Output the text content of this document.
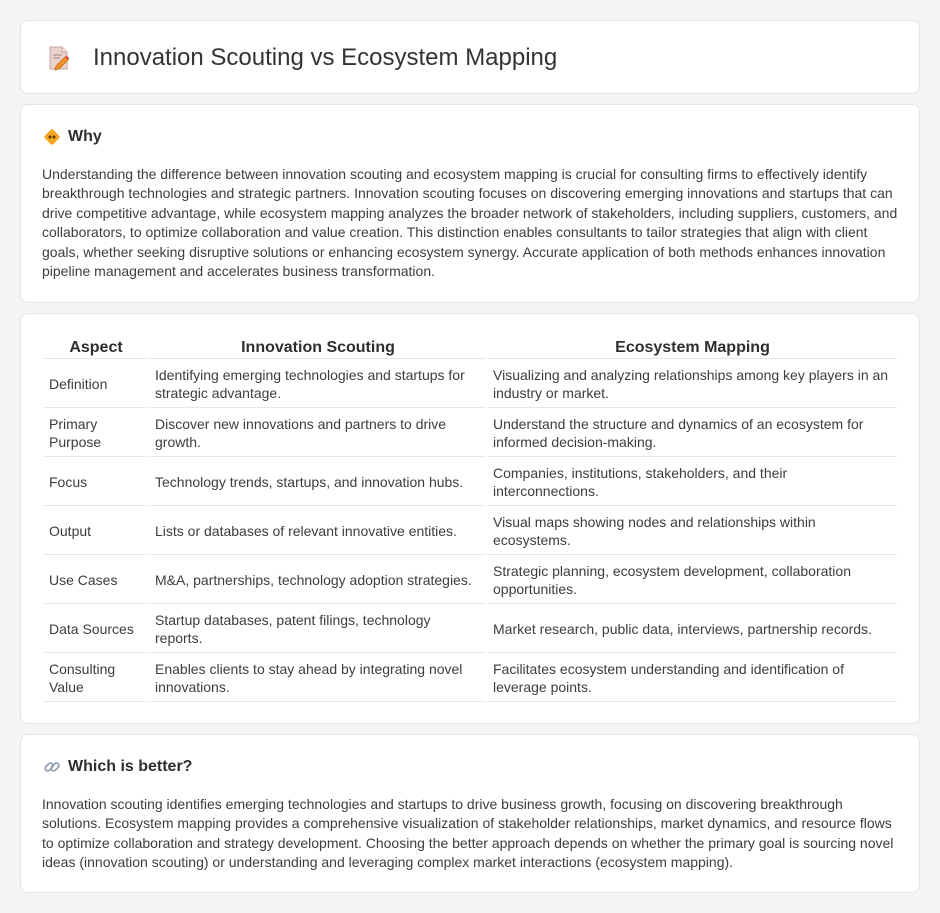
Innovation Scouting vs Ecosystem Mapping
Why

Understanding the difference between innovation scouting and ecosystem mapping is crucial for consulting firms to effectively identify breakthrough technologies and strategic partners. Innovation scouting focuses on discovering emerging innovations and startups that can drive competitive advantage, while ecosystem mapping analyzes the broader network of stakeholders, including suppliers, customers, and collaborators, to optimize collaboration and value creation. This distinction enables consultants to tailor strategies that align with client goals, whether seeking disruptive solutions or enhancing ecosystem synergy. Accurate application of both methods enhances innovation pipeline management and accelerates business transformation.

Aspect	Innovation Scouting	Ecosystem Mapping
Definition	Identifying emerging technologies and startups for strategic advantage.	Visualizing and analyzing relationships among key players in an industry or market.
Primary Purpose	Discover new innovations and partners to drive growth.	Understand the structure and dynamics of an ecosystem for informed decision-making.
Focus	Technology trends, startups, and innovation hubs.	Companies, institutions, stakeholders, and their interconnections.
Output	Lists or databases of relevant innovative entities.	Visual maps showing nodes and relationships within ecosystems.
Use Cases	M&A, partnerships, technology adoption strategies.	Strategic planning, ecosystem development, collaboration opportunities.
Data Sources	Startup databases, patent filings, technology reports.	Market research, public data, interviews, partnership records.
Consulting Value	Enables clients to stay ahead by integrating novel innovations.	Facilitates ecosystem understanding and identification of leverage points.
Which is better?

Innovation scouting identifies emerging technologies and startups to drive business growth, focusing on discovering breakthrough solutions. Ecosystem mapping provides a comprehensive visualization of stakeholder relationships, market dynamics, and resource flows to optimize collaboration and strategy development. Choosing the better approach depends on whether the primary goal is sourcing novel ideas (innovation scouting) or understanding and leveraging complex market interactions (ecosystem mapping).
